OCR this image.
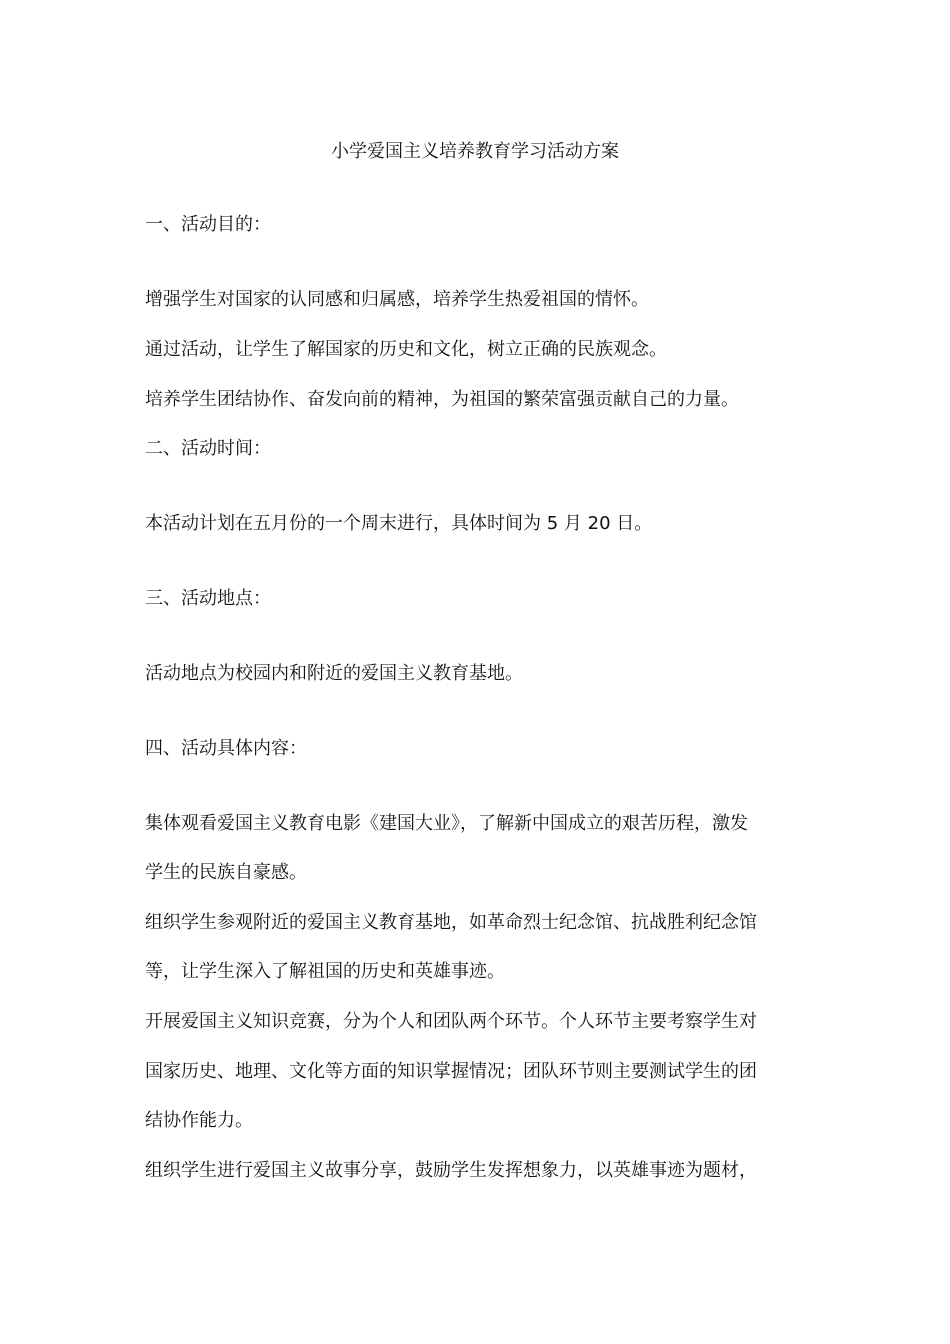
小学爱国主义培养教育学习活动方案
一、活动目的：
增强学生对国家的认同感和归属感，培养学生热爱祖国的情怀。
通过活动，让学生了解国家的历史和文化，树立正确的民族观念。
培养学生团结协作、奋发向前的精神，为祖国的繁荣富强贡献自己的力量。
二、活动时间：
本活动计划在五月份的一个周末进行，具体时间为 5 月 20 日。
三、活动地点：
活动地点为校园内和附近的爱国主义教育基地。
四、活动具体内容：
集体观看爱国主义教育电影《建国大业》，了解新中国成立的艰苦历程，激发
学生的民族自豪感。
组织学生参观附近的爱国主义教育基地，如革命烈士纪念馆、抗战胜利纪念馆
等，让学生深入了解祖国的历史和英雄事迹。
开展爱国主义知识竞赛，分为个人和团队两个环节。个人环节主要考察学生对
国家历史、地理、文化等方面的知识掌握情况；团队环节则主要测试学生的团
结协作能力。
组织学生进行爱国主义故事分享，鼓励学生发挥想象力，以英雄事迹为题材，
